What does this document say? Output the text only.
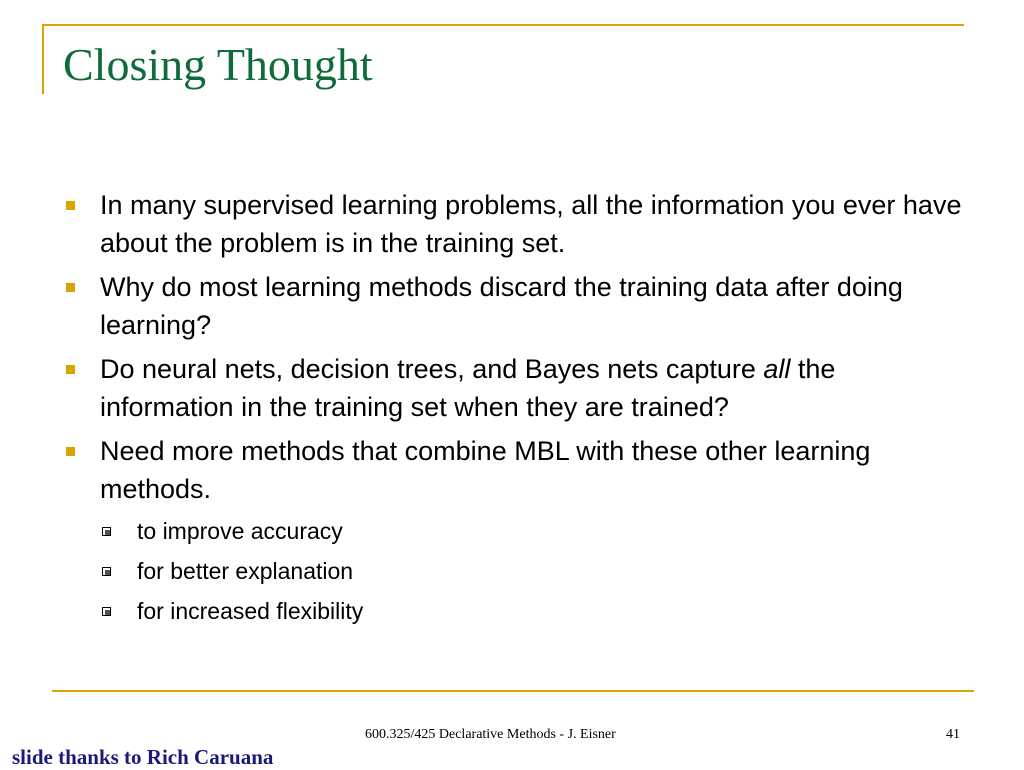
Closing Thought
In many supervised learning problems, all the information you ever have about the problem is in the training set.
Why do most learning methods discard the training data after doing learning?
Do neural nets, decision trees, and Bayes nets capture all the information in the training set when they are trained?
Need more methods that combine MBL with these other learning methods.
to improve accuracy
for better explanation
for increased flexibility
600.325/425 Declarative Methods - J. Eisner	41
slide thanks to Rich Caruana
